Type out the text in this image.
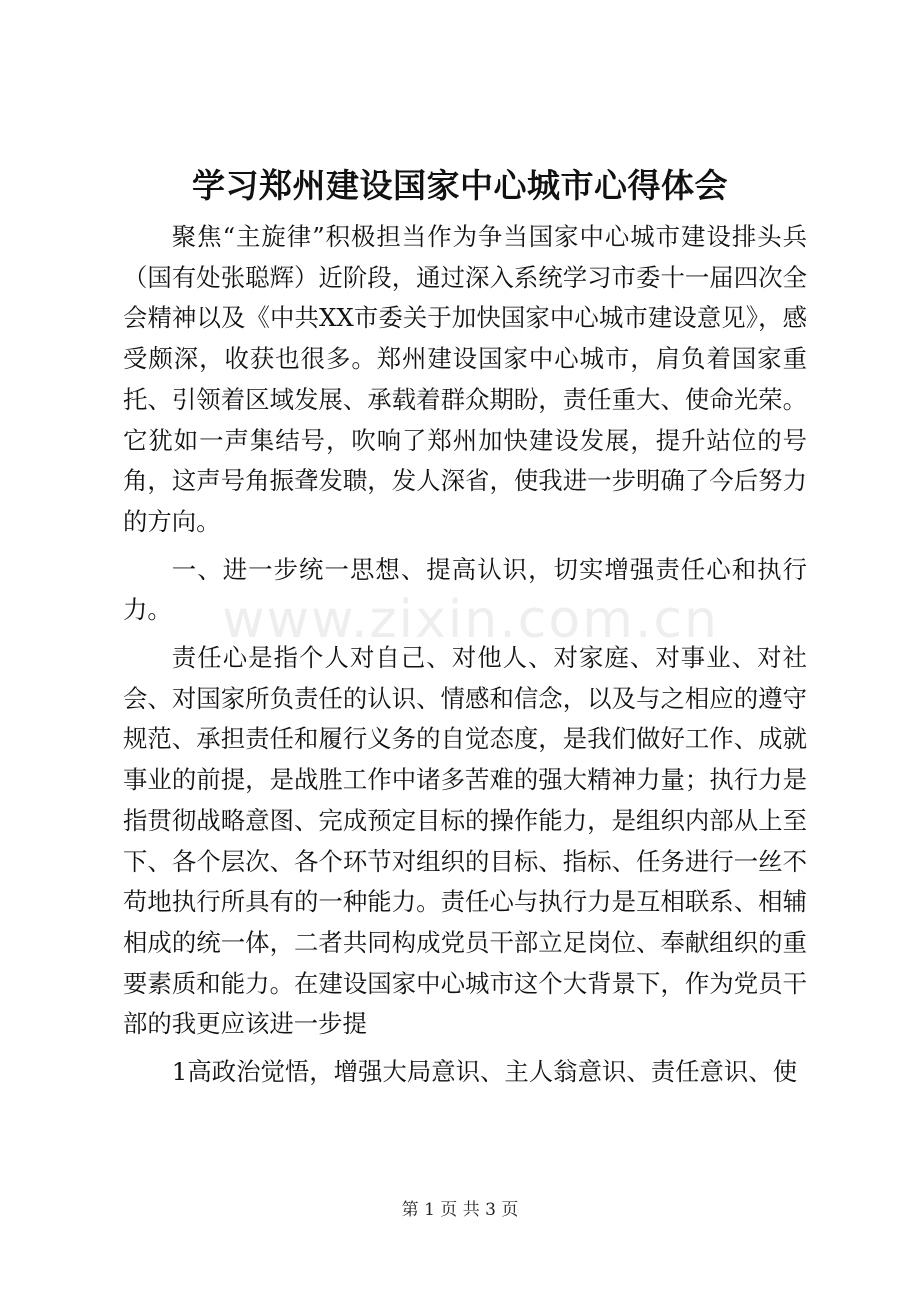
学习郑州建设国家中心城市心得体会

聚焦“主旋律”积极担当作为争当国家中心城市建设排头兵（国有处张聪辉）近阶段，通过深入系统学习市委十一届四次全会精神以及《中共XX市委关于加快国家中心城市建设意见》，感受颇深，收获也很多。郑州建设国家中心城市，肩负着国家重托、引领着区域发展、承载着群众期盼，责任重大、使命光荣。它犹如一声集结号，吹响了郑州加快建设发展，提升站位的号角，这声号角振聋发聩，发人深省，使我进一步明确了今后努力的方向。

一、进一步统一思想、提高认识，切实增强责任心和执行力。

责任心是指个人对自己、对他人、对家庭、对事业、对社会、对国家所负责任的认识、情感和信念，以及与之相应的遵守规范、承担责任和履行义务的自觉态度，是我们做好工作、成就事业的前提，是战胜工作中诸多苦难的强大精神力量；执行力是指贯彻战略意图、完成预定目标的操作能力，是组织内部从上至下、各个层次、各个环节对组织的目标、指标、任务进行一丝不苟地执行所具有的一种能力。责任心与执行力是互相联系、相辅相成的统一体，二者共同构成党员干部立足岗位、奉献组织的重要素质和能力。在建设国家中心城市这个大背景下，作为党员干部的我更应该进一步提

1高政治觉悟，增强大局意识、主人翁意识、责任意识、使

www.zixin.com.cn
第 1 页 共 3 页
